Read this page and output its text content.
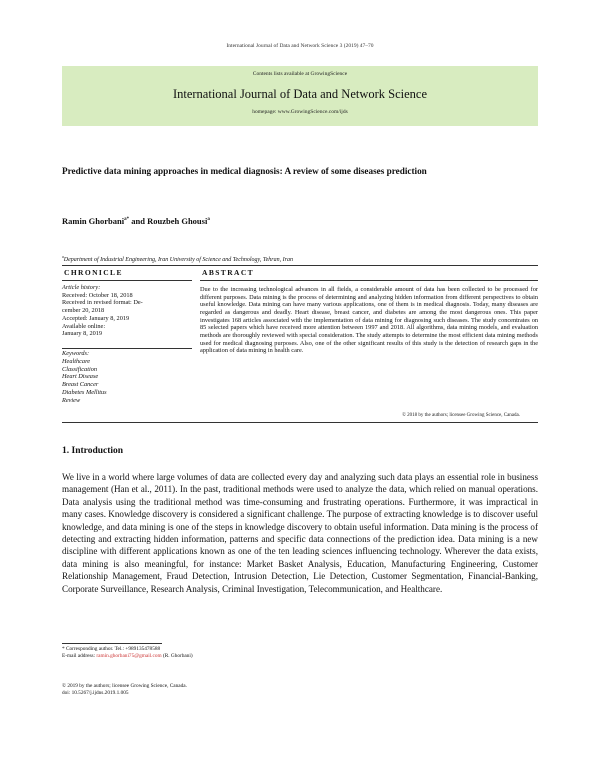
International Journal of Data and Network Science 3 (2019) 47–70
Contents lists available at GrowingScience
International Journal of Data and Network Science
homepage: www.GrowingScience.com/ijds
Predictive data mining approaches in medical diagnosis: A review of some diseases prediction
Ramin Ghorbani$^{a*}$ and Rouzbeh Ghousi$^a$
$^a$Department of Industrial Engineering, Iran University of Science and Technology, Tehran, Iran
CHRONICLE	ABSTRACT
Article history:
Received: October 18, 2018
Received in revised format: De-
cember 20, 2018
Accepted: January 8, 2019
Available online:
January 8, 2019
Keywords:
Healthcare
Classification
Heart Disease
Breast Cancer
Diabetes Mellitus
Review
Due to the increasing technological advances in all fields, a considerable amount of data has been collected to be processed for different purposes. Data mining is the process of determining and analyzing hidden information from different perspectives to obtain useful knowledge. Data mining can have many various applications, one of them is in medical diagnosis. Today, many diseases are regarded as dangerous and deadly. Heart disease, breast cancer, and diabetes are among the most dangerous ones. This paper investigates 168 articles associated with the implementation of data mining for diagnosing such diseases. The study concentrates on 85 selected papers which have received more attention between 1997 and 2018. All algorithms, data mining models, and evaluation methods are thoroughly reviewed with special consideration. The study attempts to determine the most efficient data mining methods used for medical diagnosing purposes. Also, one of the other significant results of this study is the detection of research gaps in the application of data mining in health care.
© 2018 by the authors; licensee Growing Science, Canada.
1. Introduction
We live in a world where large volumes of data are collected every day and analyzing such data plays an essential role in business management (Han et al., 2011). In the past, traditional methods were used to analyze the data, which relied on manual operations. Data analysis using the traditional method was time-consuming and frustrating operations. Furthermore, it was impractical in many cases. Knowledge discovery is considered a significant challenge. The purpose of extracting knowledge is to discover useful knowledge, and data mining is one of the steps in knowledge discovery to obtain useful information. Data mining is the process of detecting and extracting hidden information, patterns and specific data connections of the prediction idea. Data mining is a new discipline with different applications known as one of the ten leading sciences influencing technology. Wherever the data exists, data mining is also meaningful, for instance: Market Basket Analysis, Education, Manufacturing Engineering, Customer Relationship Management, Fraud Detection, Intrusion Detection, Lie Detection, Customer Segmentation, Financial-Banking, Corporate Surveillance, Research Analysis, Criminal Investigation, Telecommunication, and Healthcare.
* Corresponding author. Tel.: +989135478588
E-mail address: ramin.ghorbani75@gmail.com (R. Ghorbani)
© 2019 by the authors; licensee Growing Science, Canada.
doi: 10.5267/j.ijdns.2019.1.005
